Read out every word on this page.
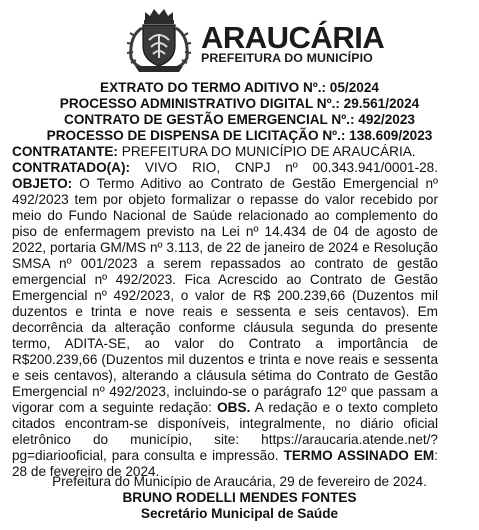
ARAUCÁRIA
PREFEITURA DO MUNICÍPIO
EXTRATO DO TERMO ADITIVO Nº.: 05/2024
PROCESSO ADMINISTRATIVO DIGITAL Nº.: 29.561/2024
CONTRATO DE GESTÃO EMERGENCIAL Nº.: 492/2023
PROCESSO DE DISPENSA DE LICITAÇÃO Nº.: 138.609/2023

CONTRATANTE: PREFEITURA DO MUNICÍPIO DE ARAUCÁRIA.

CONTRATADO(A): VIVO RIO, CNPJ nº 00.343.941/0001-28. OBJETO: O Termo Aditivo ao Contrato de Gestão Emergencial nº 492/2023 tem por objeto formalizar o repasse do valor recebido por meio do Fundo Nacional de Saúde relacionado ao complemento do piso de enfermagem previsto na Lei nº 14.434 de 04 de agosto de 2022, portaria GM/MS nº 3.113, de 22 de janeiro de 2024 e Resolução SMSA nº 001/2023 a serem repassados ao contrato de gestão emergencial nº 492/2023. Fica Acrescido ao Contrato de Gestão Emergencial nº 492/2023, o valor de R$ 200.239,66 (Duzentos mil duzentos e trinta e nove reais e sessenta e seis centavos). Em decorrência da alteração conforme cláusula segunda do presente termo, ADITA-SE, ao valor do Contrato a importância de R$200.239,66 (Duzentos mil duzentos e trinta e nove reais e sessenta e seis centavos), alterando a cláusula sétima do Contrato de Gestão Emergencial nº 492/2023, incluindo-se o parágrafo 12º que passam a vigorar com a seguinte redação: OBS. A redação e o texto completo citados encontram-se disponíveis, integralmente, no diário oficial eletrônico do município, site: https://araucaria.atende.net/?pg=diariooficial, para consulta e impressão. TERMO ASSINADO EM: 28 de fevereiro de 2024.

Prefeitura do Município de Araucária, 29 de fevereiro de 2024.
BRUNO RODELLI MENDES FONTES
Secretário Municipal de Saúde
